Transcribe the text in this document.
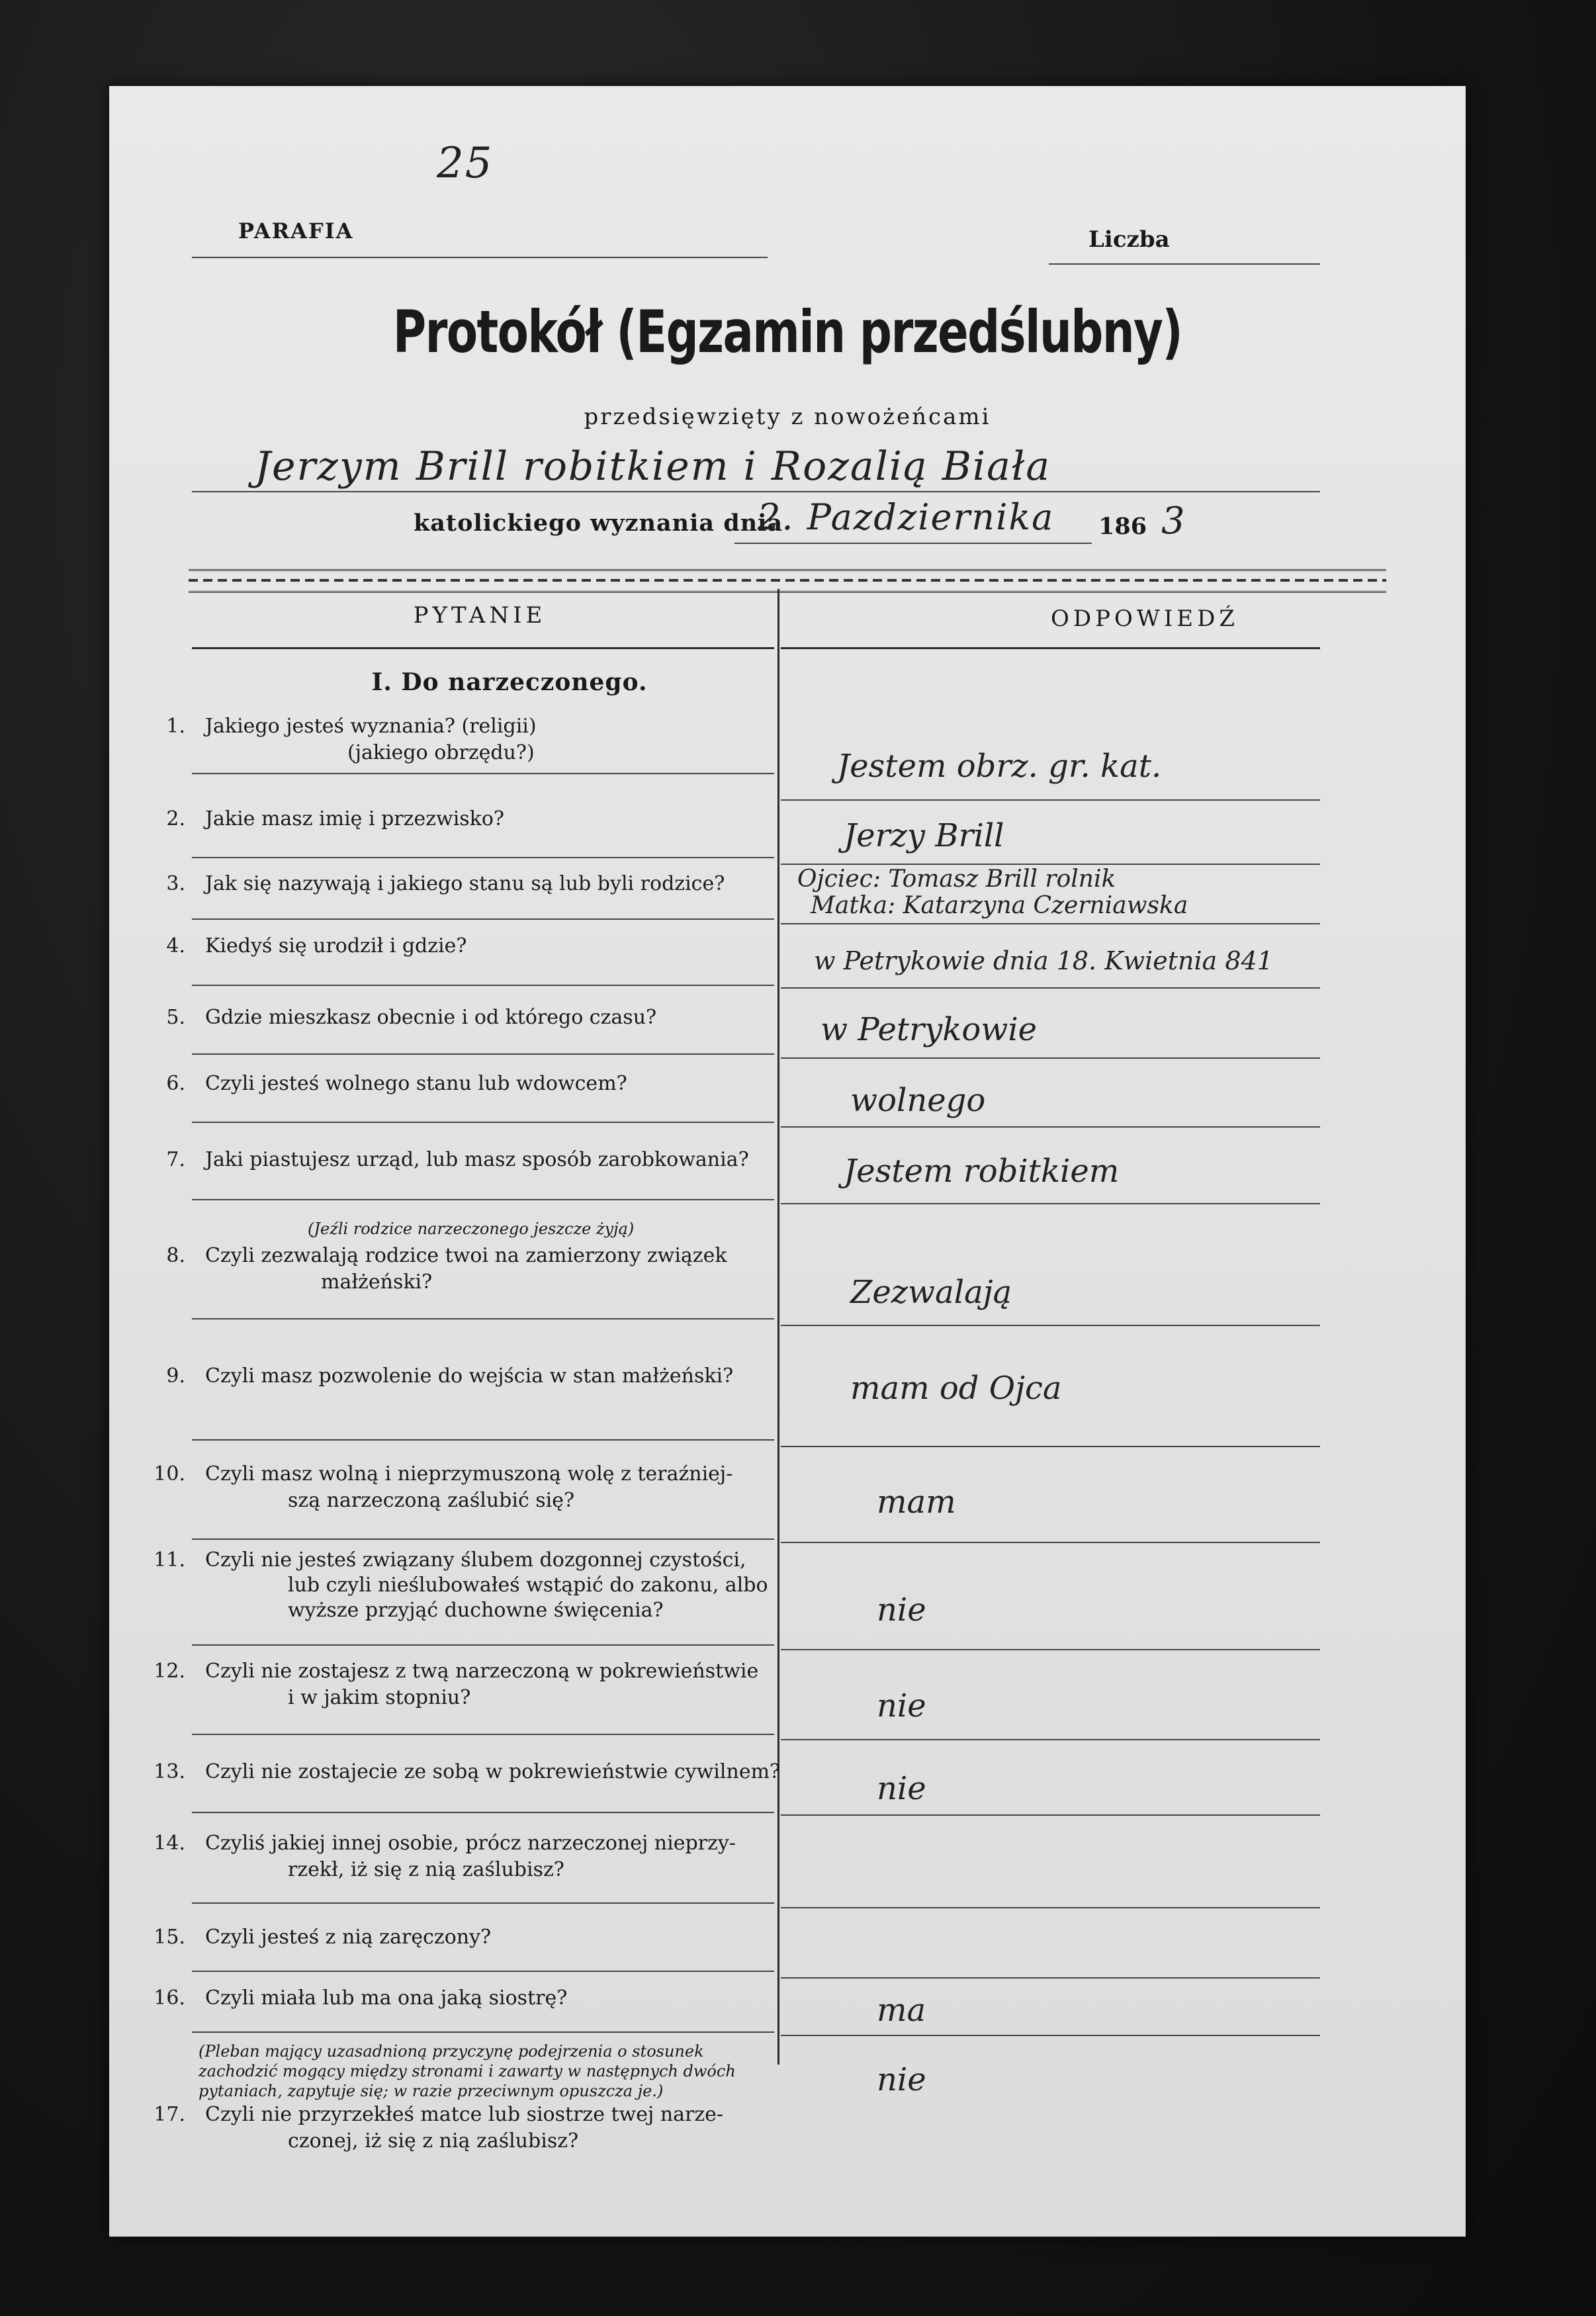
25
PARAFIA	Liczba
Protokół (Egzamin przedślubny)
przedsięwzięty z nowożeńcami
Jerzym Brill robitkiem i Rozalią Biała
katolickiego wyznania dnia
2. Pazdziernika 186 3
PYTANIE	ODPOWIEDŹ
I. Do narzeczonego.
1. Jakiego jesteś wyznania? (religii)
(jakiego obrzędu?)
2. Jakie masz imię i przezwisko?
3. Jak się nazywają i jakiego stanu są lub byli rodzice?
4. Kiedyś się urodził i gdzie?
5. Gdzie mieszkasz obecnie i od którego czasu?
6. Czyli jesteś wolnego stanu lub wdowcem?
7. Jaki piastujesz urząd, lub masz sposób zarobkowania?
(Jeźli rodzice narzeczonego jeszcze żyją)
8. Czyli zezwalają rodzice twoi na zamierzony związek
małżeński?
9. Czyli masz pozwolenie do wejścia w stan małżeński?
10. Czyli masz wolną i nieprzymuszoną wolę z teraźniej-
szą narzeczoną zaślubić się?
11. Czyli nie jesteś związany ślubem dozgonnej czystości,
lub czyli nieślubowałeś wstąpić do zakonu, albo
wyższe przyjąć duchowne święcenia?
12. Czyli nie zostajesz z twą narzeczoną w pokrewieństwie
i w jakim stopniu?
13. Czyli nie zostajecie ze sobą w pokrewieństwie cywilnem?
14. Czyliś jakiej innej osobie, prócz narzeczonej nieprzy-
rzekł, iż się z nią zaślubisz?
15. Czyli jesteś z nią zaręczony?
16. Czyli miała lub ma ona jaką siostrę?
(Pleban mający uzasadnioną przyczynę podejrzenia o stosunek zachodzić mogący między stronami i zawarty w następnych dwóch pytaniach, zapytuje się; w razie przeciwnym opuszcza je.)
17. Czyli nie przyrzekłeś matce lub siostrze twej narze-
czonej, iż się z nią zaślubisz?
Jestem obrz. gr. kat.
Jerzy Brill
Ojciec: Tomasz Brill rolnik
Matka: Katarzyna Czerniawska
w Petrykowie dnia 18. Kwietnia 841
w Petrykowie
wolnego
Jestem robitkiem
Zezwalają
mam od Ojca
mam
nie
nie
nie
ma
nie
